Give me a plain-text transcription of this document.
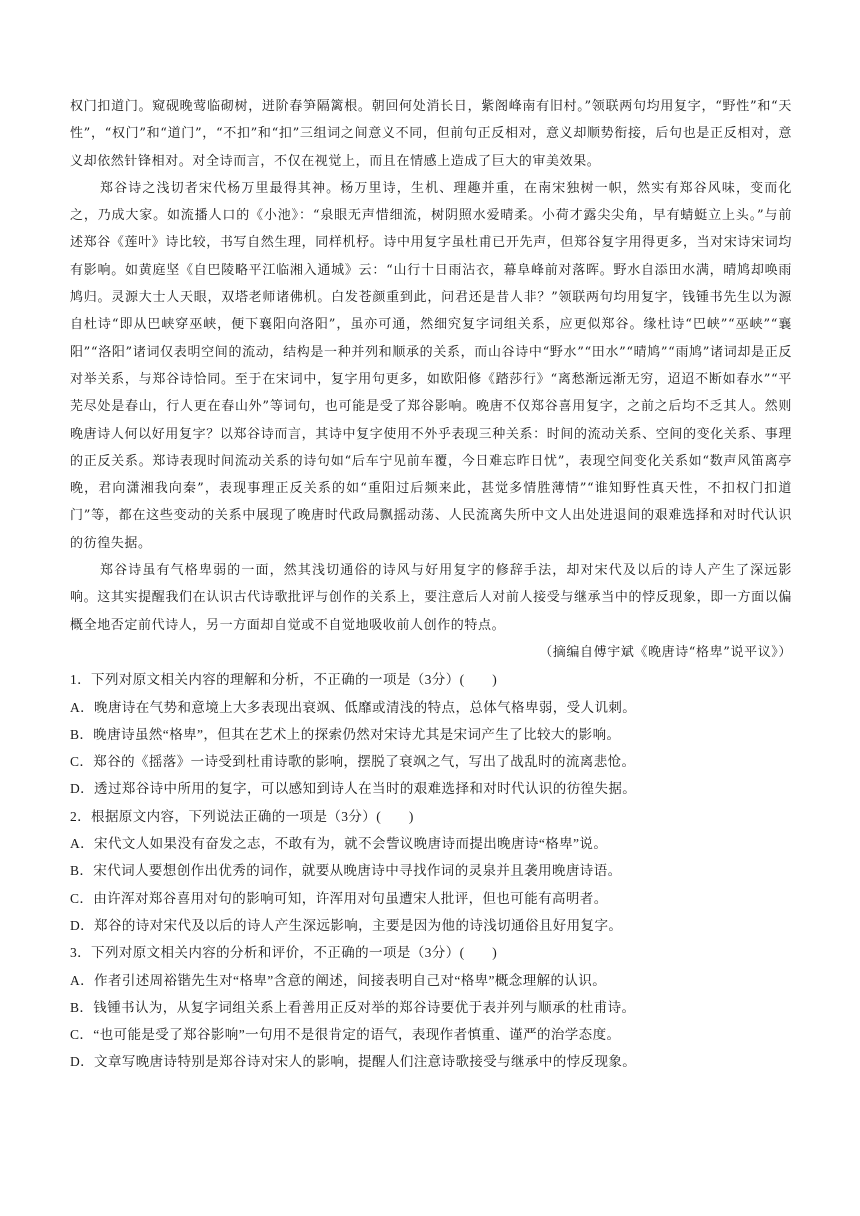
权门扣道门。窥砚晚莺临砌树，迸阶春笋隔篱根。朝回何处消长日，紫阁峰南有旧村。”领联两句均用复字，“野性”和“天性”，“权门”和“道门”，“不扣”和“扣”三组词之间意义不同，但前句正反相对，意义却顺势衔接，后句也是正反相对，意义却依然针锋相对。对全诗而言，不仅在视觉上，而且在情感上造成了巨大的审美效果。

郑谷诗之浅切者宋代杨万里最得其神。杨万里诗，生机、理趣并重，在南宋独树一帜，然实有郑谷风味，变而化之，乃成大家。如流播人口的《小池》：“泉眼无声惜细流，树阴照水爱晴柔。小荷才露尖尖角，早有蜻蜓立上头。”与前述郑谷《莲叶》诗比较，书写自然生理，同样机杼。诗中用复字虽杜甫已开先声，但郑谷复字用得更多，当对宋诗宋词均有影响。如黄庭坚《自巴陵略平江临湘入通城》云：“山行十日雨沾衣，幕阜峰前对落晖。野水自添田水满，晴鸠却唤雨鸠归。灵源大士人天眼，双塔老师诸佛机。白发苍颜重到此，问君还是昔人非？”领联两句均用复字，钱锺书先生以为源自杜诗“即从巴峡穿巫峡，便下襄阳向洛阳”，虽亦可通，然细究复字词组关系，应更似郑谷。缘杜诗“巴峡”“巫峡”“襄阳”“洛阳”诸词仅表明空间的流动，结构是一种并列和顺承的关系，而山谷诗中“野水”“田水”“晴鸠”“雨鸠”诸词却是正反对举关系，与郑谷诗恰同。至于在宋词中，复字用句更多，如欧阳修《踏莎行》“离愁渐远渐无穷，迢迢不断如春水”“平芜尽处是春山，行人更在春山外”等词句，也可能是受了郑谷影响。晚唐不仅郑谷喜用复字，之前之后均不乏其人。然则晚唐诗人何以好用复字？以郑谷诗而言，其诗中复字使用不外乎表现三种关系：时间的流动关系、空间的变化关系、事理的正反关系。郑诗表现时间流动关系的诗句如“后车宁见前车覆，今日难忘昨日忧”，表现空间变化关系如“数声风笛离亭晚，君向潇湘我向秦”，表现事理正反关系的如“重阳过后频来此，甚觉多情胜薄情”“谁知野性真天性，不扣权门扣道门”等，都在这些变动的关系中展现了晚唐时代政局飘摇动荡、人民流离失所中文人出处进退间的艰难选择和对时代认识的彷徨失据。

郑谷诗虽有气格卑弱的一面，然其浅切通俗的诗风与好用复字的修辞手法，却对宋代及以后的诗人产生了深远影响。这其实提醒我们在认识古代诗歌批评与创作的关系上，要注意后人对前人接受与继承当中的悖反现象，即一方面以偏概全地否定前代诗人，另一方面却自觉或不自觉地吸收前人创作的特点。

（摘编自傅宇斌《晚唐诗“格卑”说平议》）

1．下列对原文相关内容的理解和分析，不正确的一项是（3分）(　　)

A．晚唐诗在气势和意境上大多表现出衰飒、低靡或清浅的特点，总体气格卑弱，受人讥刺。

B．晚唐诗虽然“格卑”，但其在艺术上的探索仍然对宋诗尤其是宋词产生了比较大的影响。

C．郑谷的《摇落》一诗受到杜甫诗歌的影响，摆脱了衰飒之气，写出了战乱时的流离悲怆。

D．透过郑谷诗中所用的复字，可以感知到诗人在当时的艰难选择和对时代认识的彷徨失据。

2．根据原文内容，下列说法正确的一项是（3分）(　　)

A．宋代文人如果没有奋发之志，不敢有为，就不会訾议晚唐诗而提出晚唐诗“格卑”说。

B．宋代词人要想创作出优秀的词作，就要从晚唐诗中寻找作词的灵泉并且袭用晚唐诗语。

C．由许浑对郑谷喜用对句的影响可知，许浑用对句虽遭宋人批评，但也可能有高明者。

D．郑谷的诗对宋代及以后的诗人产生深远影响，主要是因为他的诗浅切通俗且好用复字。

3．下列对原文相关内容的分析和评价，不正确的一项是（3分）(　　)

A．作者引述周裕锴先生对“格卑”含意的阐述，间接表明自己对“格卑”概念理解的认识。

B．钱锺书认为，从复字词组关系上看善用正反对举的郑谷诗要优于表并列与顺承的杜甫诗。

C．“也可能是受了郑谷影响”一句用不是很肯定的语气，表现作者慎重、谨严的治学态度。

D．文章写晚唐诗特别是郑谷诗对宋人的影响，提醒人们注意诗歌接受与继承中的悖反现象。
